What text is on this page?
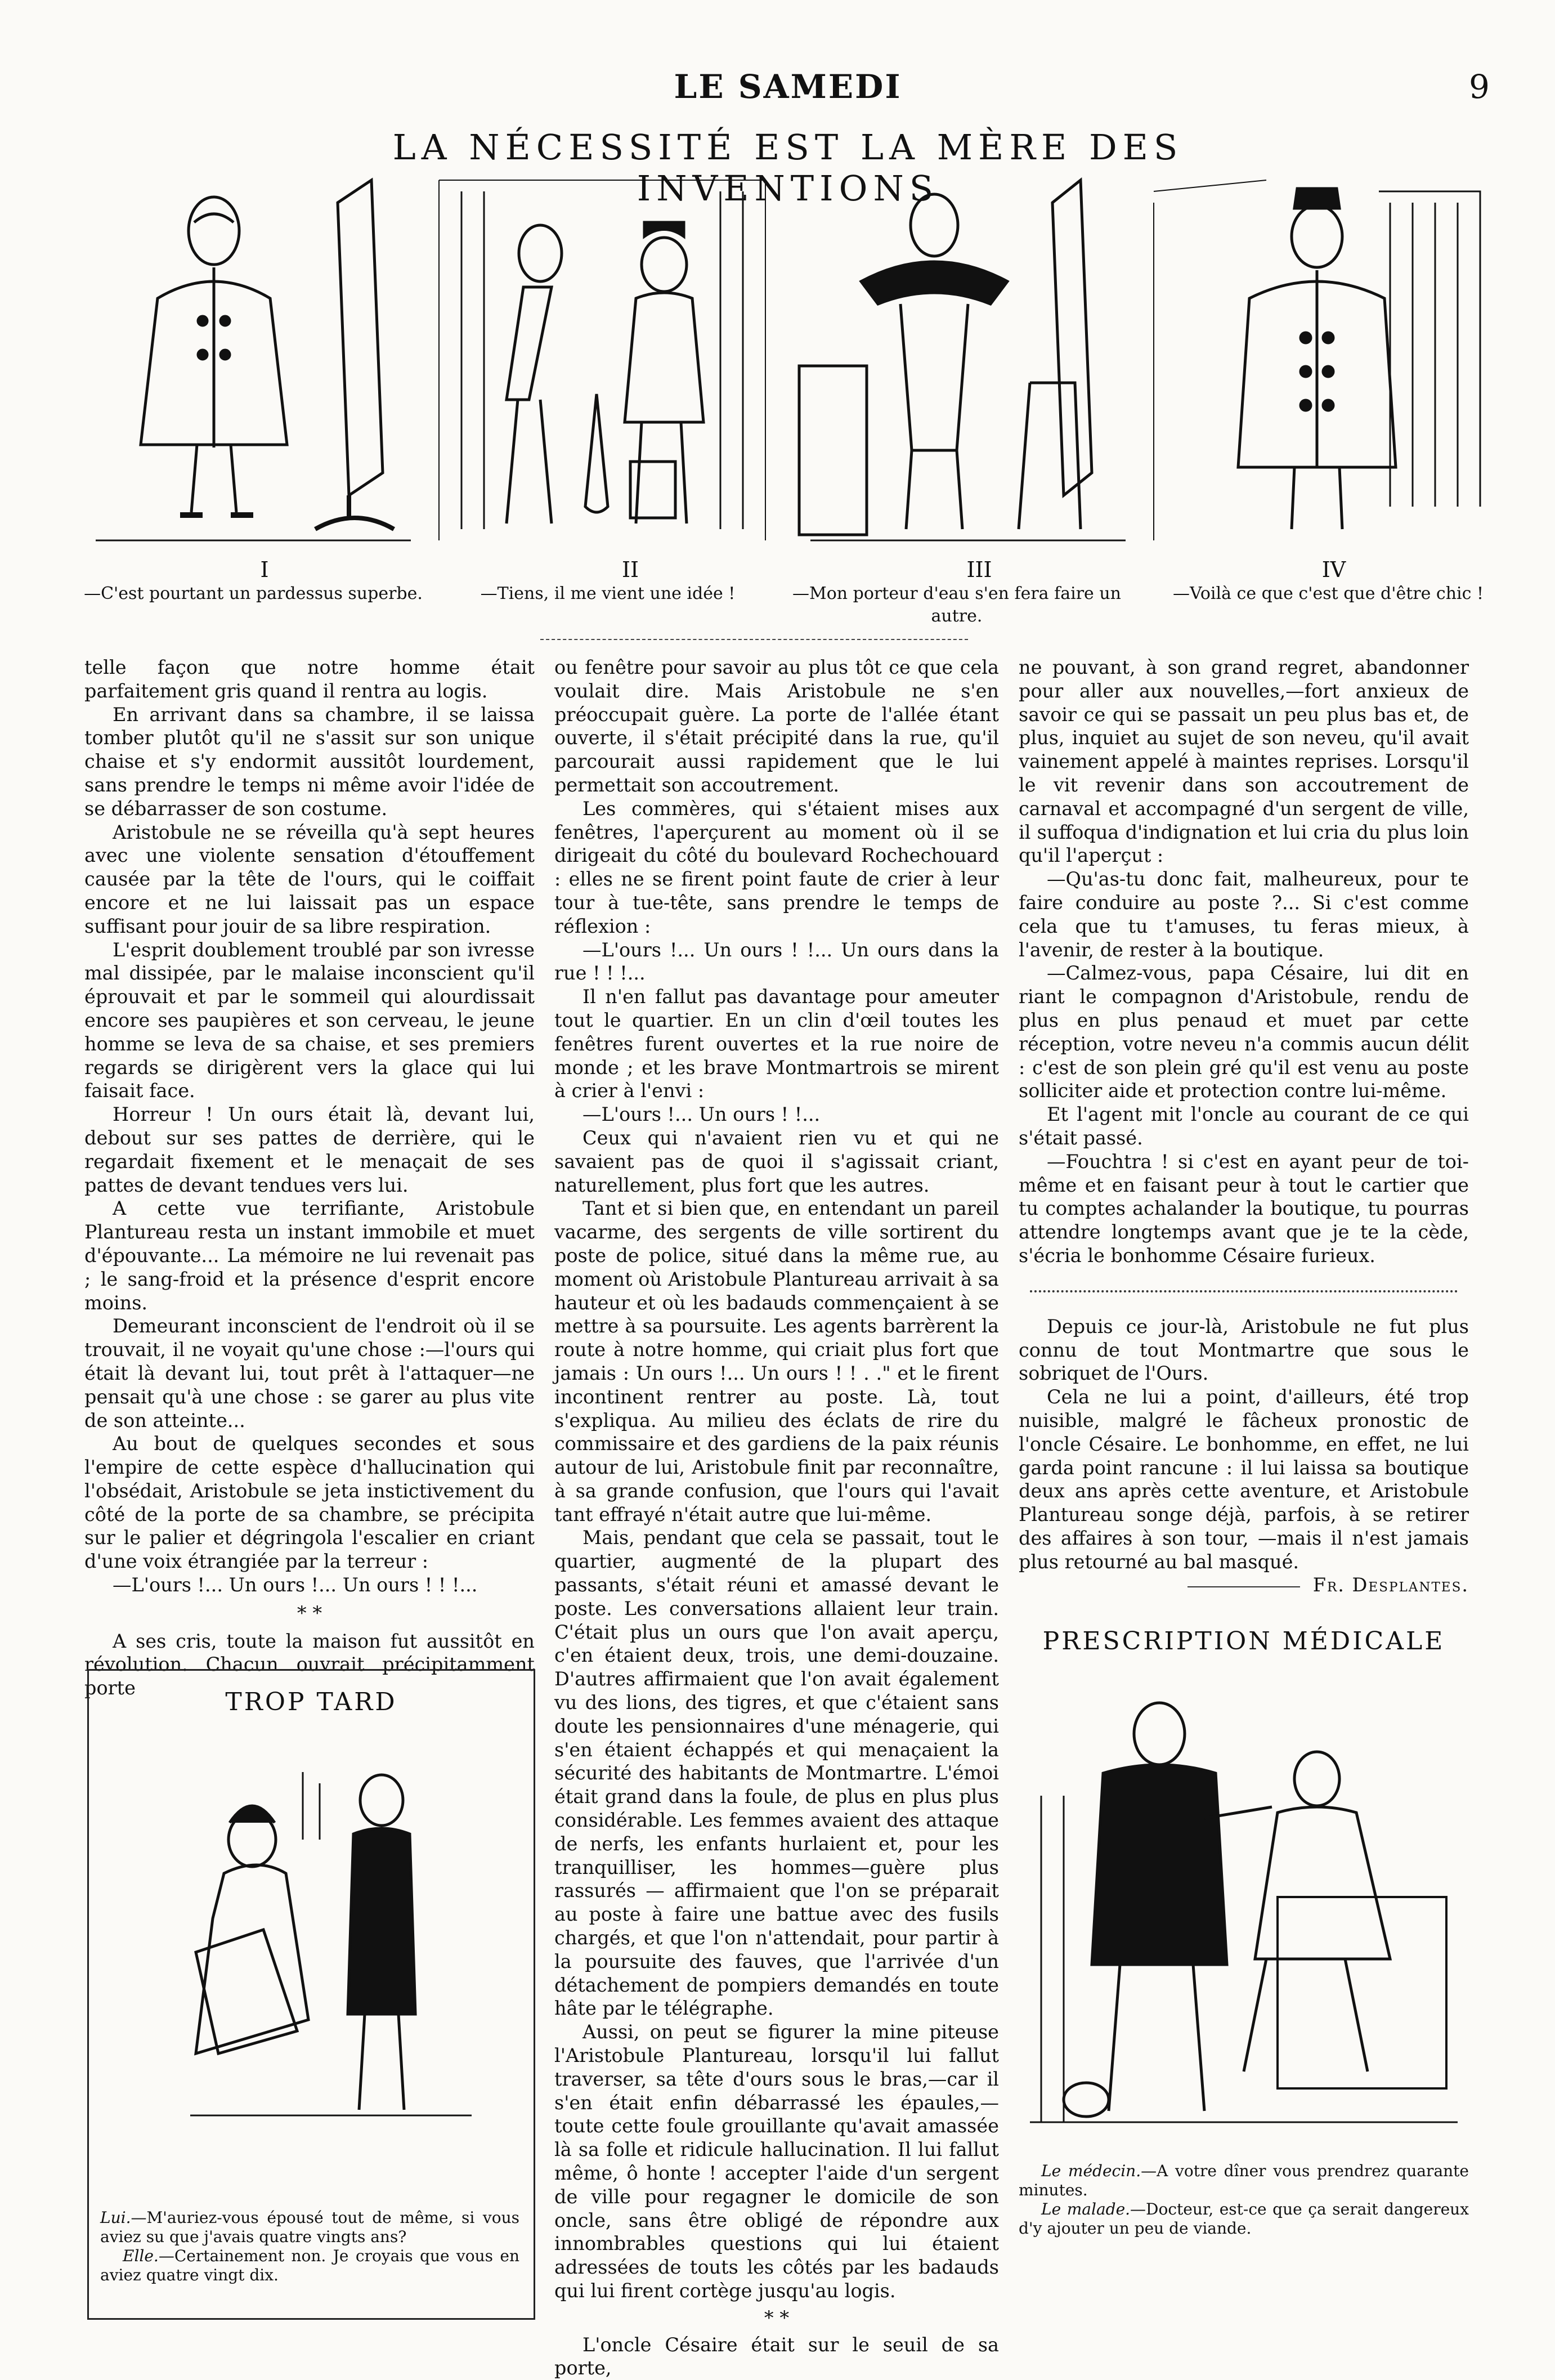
LE SAMEDI	9
LA NÉCESSITÉ EST LA MÈRE DES INVENTIONS
I	II	III	IV
—C'est pourtant un pardessus superbe.	—Tiens, il me vient une idée !	—Mon porteur d'eau s'en fera faire un autre.
—Voilà ce que c'est que d'être chic !

telle façon que notre homme était parfaitement gris quand il rentra au logis.

En arrivant dans sa chambre, il se laissa tomber plutôt qu'il ne s'assit sur son unique chaise et s'y endormit aussitôt lourdement, sans prendre le temps ni même avoir l'idée de se débarrasser de son costume.

Aristobule ne se réveilla qu'à sept heures avec une violente sensation d'étouffement causée par la tête de l'ours, qui le coiffait encore et ne lui laissait pas un espace suffisant pour jouir de sa libre respiration.

L'esprit doublement troublé par son ivresse mal dissipée, par le malaise inconscient qu'il éprouvait et par le sommeil qui alourdissait encore ses paupières et son cerveau, le jeune homme se leva de sa chaise, et ses premiers regards se dirigèrent vers la glace qui lui faisait face.

Horreur ! Un ours était là, devant lui, debout sur ses pattes de derrière, qui le regardait fixement et le menaçait de ses pattes de devant tendues vers lui.

A cette vue terrifiante, Aristobule Plantureau resta un instant immobile et muet d'épouvante... La mémoire ne lui revenait pas ; le sang-froid et la présence d'esprit encore moins.

Demeurant inconscient de l'endroit où il se trouvait, il ne voyait qu'une chose :—l'ours qui était là devant lui, tout prêt à l'attaquer—ne pensait qu'à une chose : se garer au plus vite de son atteinte...

Au bout de quelques secondes et sous l'empire de cette espèce d'hallucination qui l'obsédait, Aristobule se jeta instictivement du côté de la porte de sa chambre, se précipita sur le palier et dégringola l'escalier en criant d'une voix étrangiée par la terreur :

—L'ours !... Un ours !... Un ours ! ! !...

* *

A ses cris, toute la maison fut aussitôt en révolution. Chacun ouvrait précipitamment porte	TROP TARD

Lui.—M'auriez-vous épousé tout de même, si vous aviez su que j'avais quatre vingts ans?

Elle.—Certainement non. Je croyais que vous en aviez quatre vingt dix.

ou fenêtre pour savoir au plus tôt ce que cela voulait dire. Mais Aristobule ne s'en préoccupait guère. La porte de l'allée étant ouverte, il s'était précipité dans la rue, qu'il parcourait aussi rapidement que le lui permettait son accoutrement.

Les commères, qui s'étaient mises aux fenêtres, l'aperçurent au moment où il se dirigeait du côté du boulevard Rochechouard : elles ne se firent point faute de crier à leur tour à tue-tête, sans prendre le temps de réflexion :

—L'ours !... Un ours ! !... Un ours dans la rue ! ! !...

Il n'en fallut pas davantage pour ameuter tout le quartier. En un clin d'œil toutes les fenêtres furent ouvertes et la rue noire de monde ; et les brave Montmartrois se mirent à crier à l'envi :

—L'ours !... Un ours ! !...

Ceux qui n'avaient rien vu et qui ne savaient pas de quoi il s'agissait criant, naturellement, plus fort que les autres.

Tant et si bien que, en entendant un pareil vacarme, des sergents de ville sortirent du poste de police, situé dans la même rue, au moment où Aristobule Plantureau arrivait à sa hauteur et où les badauds commençaient à se mettre à sa poursuite. Les agents barrèrent la route à notre homme, qui criait plus fort que jamais : Un ours !... Un ours ! ! . ." et le firent incontinent rentrer au poste. Là, tout s'expliqua. Au milieu des éclats de rire du commissaire et des gardiens de la paix réunis autour de lui, Aristobule finit par reconnaître, à sa grande confusion, que l'ours qui l'avait tant effrayé n'était autre que lui-même.

Mais, pendant que cela se passait, tout le quartier, augmenté de la plupart des passants, s'était réuni et amassé devant le poste. Les conversations allaient leur train. C'était plus un ours que l'on avait aperçu, c'en étaient deux, trois, une demi-douzaine. D'autres affirmaient que l'on avait également vu des lions, des tigres, et que c'étaient sans doute les pensionnaires d'une ménagerie, qui s'en étaient échappés et qui menaçaient la sécurité des habitants de Montmartre. L'émoi était grand dans la foule, de plus en plus plus considérable. Les femmes avaient des attaque de nerfs, les enfants hurlaient et, pour les tranquilliser, les hommes—guère plus rassurés — affirmaient que l'on se préparait au poste à faire une battue avec des fusils chargés, et que l'on n'attendait, pour partir à la poursuite des fauves, que l'arrivée d'un détachement de pompiers demandés en toute hâte par le télégraphe.

Aussi, on peut se figurer la mine piteuse l'Aristobule Plantureau, lorsqu'il lui fallut traverser, sa tête d'ours sous le bras,—car il s'en était enfin débarrassé les épaules,— toute cette foule grouillante qu'avait amassée là sa folle et ridicule hallucination. Il lui fallut même, ô honte ! accepter l'aide d'un sergent de ville pour regagner le domicile de son oncle, sans être obligé de répondre aux innombrables questions qui lui étaient adressées de touts les côtés par les badauds qui lui firent cortège jusqu'au logis.

* *

L'oncle Césaire était sur le seuil de sa porte,

ne pouvant, à son grand regret, abandonner pour aller aux nouvelles,—fort anxieux de savoir ce qui se passait un peu plus bas et, de plus, inquiet au sujet de son neveu, qu'il avait vainement appelé à maintes reprises. Lorsqu'il le vit revenir dans son accoutrement de carnaval et accompagné d'un sergent de ville, il suffoqua d'indignation et lui cria du plus loin qu'il l'aperçut :

—Qu'as-tu donc fait, malheureux, pour te faire conduire au poste ?... Si c'est comme cela que tu t'amuses, tu feras mieux, à l'avenir, de rester à la boutique.

—Calmez-vous, papa Césaire, lui dit en riant le compagnon d'Aristobule, rendu de plus en plus penaud et muet par cette réception, votre neveu n'a commis aucun délit : c'est de son plein gré qu'il est venu au poste solliciter aide et protection contre lui-même.

Et l'agent mit l'oncle au courant de ce qui s'était passé.

—Fouchtra ! si c'est en ayant peur de toi-même et en faisant peur à tout le cartier que tu comptes achalander la boutique, tu pourras attendre longtemps avant que je te la cède, s'écria le bonhomme Césaire furieux.

Depuis ce jour-là, Aristobule ne fut plus connu de tout Montmartre que sous le sobriquet de l'Ours.

Cela ne lui a point, d'ailleurs, été trop nuisible, malgré le fâcheux pronostic de l'oncle Césaire. Le bonhomme, en effet, ne lui garda point rancune : il lui laissa sa boutique deux ans après cette aventure, et Aristobule Plantureau songe déjà, parfois, à se retirer des affaires à son tour, —mais il n'est jamais plus retourné au bal masqué.

Fr. Desplantes.

PRESCRIPTION MÉDICALE

Le médecin.—A votre dîner vous prendrez quarante minutes.

Le malade.—Docteur, est-ce que ça serait dangereux d'y ajouter un peu de viande.
